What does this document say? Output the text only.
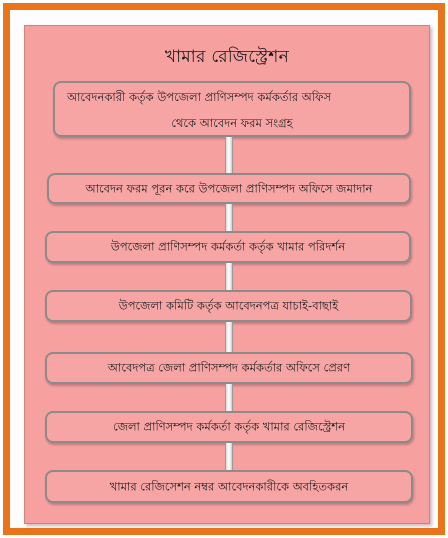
খামার রেজিস্ট্রেশন
আবেদনকারী কর্তৃক উপজেলা প্রাণিসম্পদ কর্মকর্তার অফিস
থেকে আবেদন ফরম সংগ্রহ
আবেদন ফরম পূরন করে উপজেলা প্রাণিসম্পদ অফিসে জমাদান
উপজেলা প্রাণিসম্পদ কর্মকর্তা কর্তৃক খামার পরিদর্শন
উপজেলা কমিটি কর্তৃক আবেদনপত্র যাচাই-বাছাই
আবেদপত্র জেলা প্রাণিসম্পদ কর্মকর্তার অফিসে প্রেরণ
জেলা প্রাণিসম্পদ কর্মকর্তা কর্তৃক খামার রেজিস্ট্রেশন
খামার রেজিসেশন নম্বর আবেদনকারীকে অবহিতকরন
